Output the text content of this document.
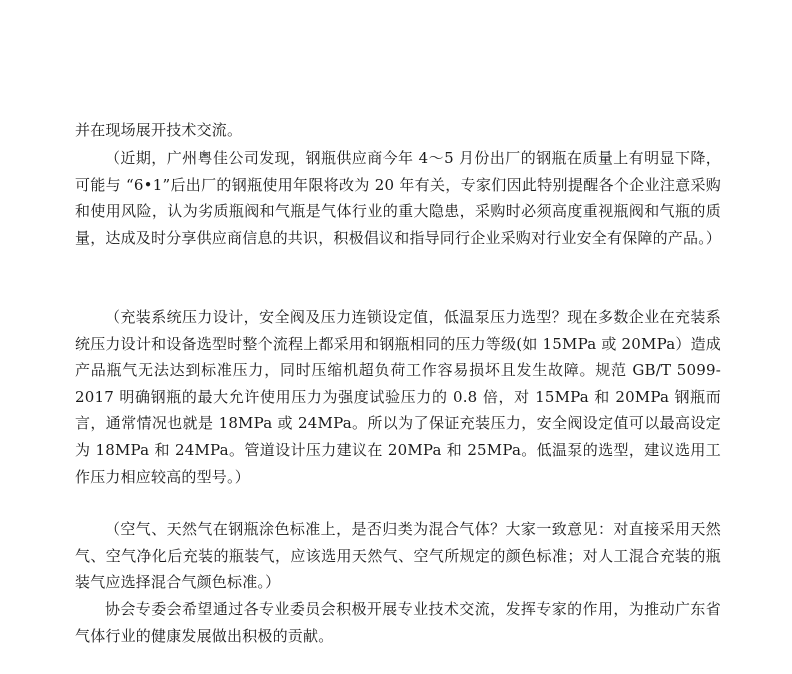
并在现场展开技术交流。

（近期，广州粤佳公司发现，钢瓶供应商今年 4～5 月份出厂的钢瓶在质量上有明显下降，可能与 “6•1”后出厂的钢瓶使用年限将改为 20 年有关，专家们因此特别提醒各个企业注意采购和使用风险，认为劣质瓶阀和气瓶是气体行业的重大隐患，采购时必须高度重视瓶阀和气瓶的质量，达成及时分享供应商信息的共识，积极倡议和指导同行企业采购对行业安全有保障的产品。）

（充装系统压力设计，安全阀及压力连锁设定值，低温泵压力选型？现在多数企业在充装系统压力设计和设备选型时整个流程上都采用和钢瓶相同的压力等级(如 15MPa 或 20MPa）造成产品瓶气无法达到标准压力，同时压缩机超负荷工作容易损坏且发生故障。规范 GB/T 5099-2017 明确钢瓶的最大允许使用压力为强度试验压力的 0.8 倍，对 15MPa 和 20MPa 钢瓶而言，通常情况也就是 18MPa 或 24MPa。所以为了保证充装压力，安全阀设定值可以最高设定为 18MPa 和 24MPa。管道设计压力建议在 20MPa 和 25MPa。低温泵的选型，建议选用工作压力相应较高的型号。）

（空气、天然气在钢瓶涂色标准上，是否归类为混合气体？大家一致意见：对直接采用天然气、空气净化后充装的瓶装气，应该选用天然气、空气所规定的颜色标准；对人工混合充装的瓶装气应选择混合气颜色标准。）

协会专委会希望通过各专业委员会积极开展专业技术交流，发挥专家的作用，为推动广东省气体行业的健康发展做出积极的贡献。
